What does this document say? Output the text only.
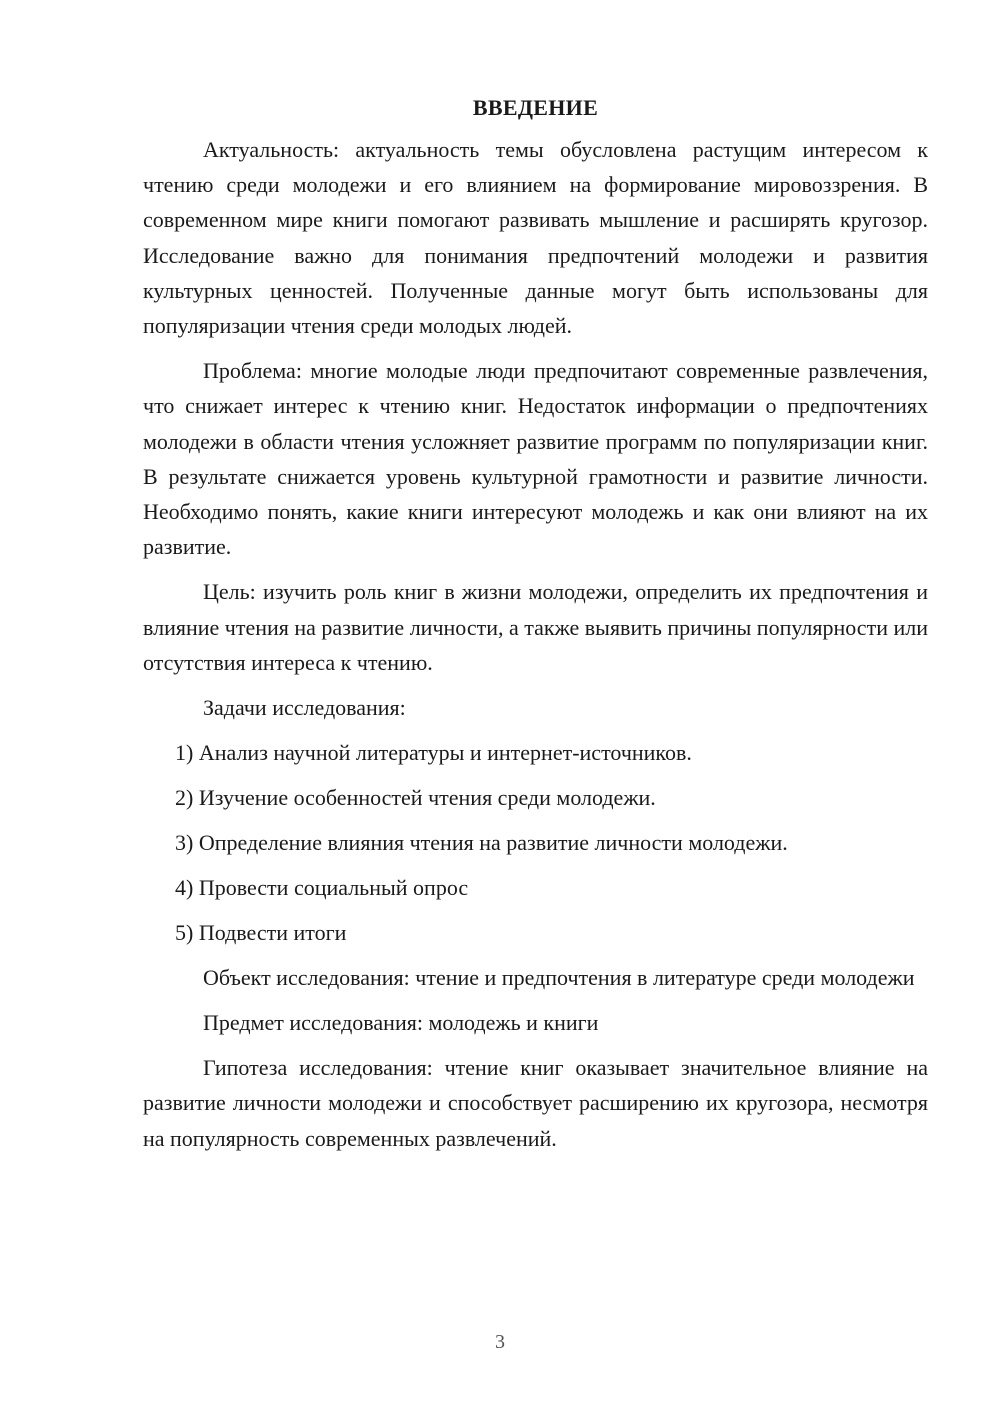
ВВЕДЕНИЕ

Актуальность: актуальность темы обусловлена растущим интересом к чтению среди молодежи и его влиянием на формирование мировоззрения. В современном мире книги помогают развивать мышление и расширять кругозор. Исследование важно для понимания предпочтений молодежи и развития культурных ценностей. Полученные данные могут быть использованы для популяризации чтения среди молодых людей.

Проблема: многие молодые люди предпочитают современные развлечения, что снижает интерес к чтению книг. Недостаток информации о предпочтениях молодежи в области чтения усложняет развитие программ по популяризации книг. В результате снижается уровень культурной грамотности и развитие личности. Необходимо понять, какие книги интересуют молодежь и как они влияют на их развитие.

Цель: изучить роль книг в жизни молодежи, определить их предпочтения и влияние чтения на развитие личности, а также выявить причины популярности или отсутствия интереса к чтению.

Задачи исследования:

1) Анализ научной литературы и интернет-источников.
2) Изучение особенностей чтения среди молодежи.
3) Определение влияния чтения на развитие личности молодежи.
4) Провести социальный опрос
5) Подвести итоги

Объект исследования: чтение и предпочтения в литературе среди молодежи

Предмет исследования: молодежь и книги

Гипотеза исследования: чтение книг оказывает значительное влияние на развитие личности молодежи и способствует расширению их кругозора, несмотря на популярность современных развлечений.

3
